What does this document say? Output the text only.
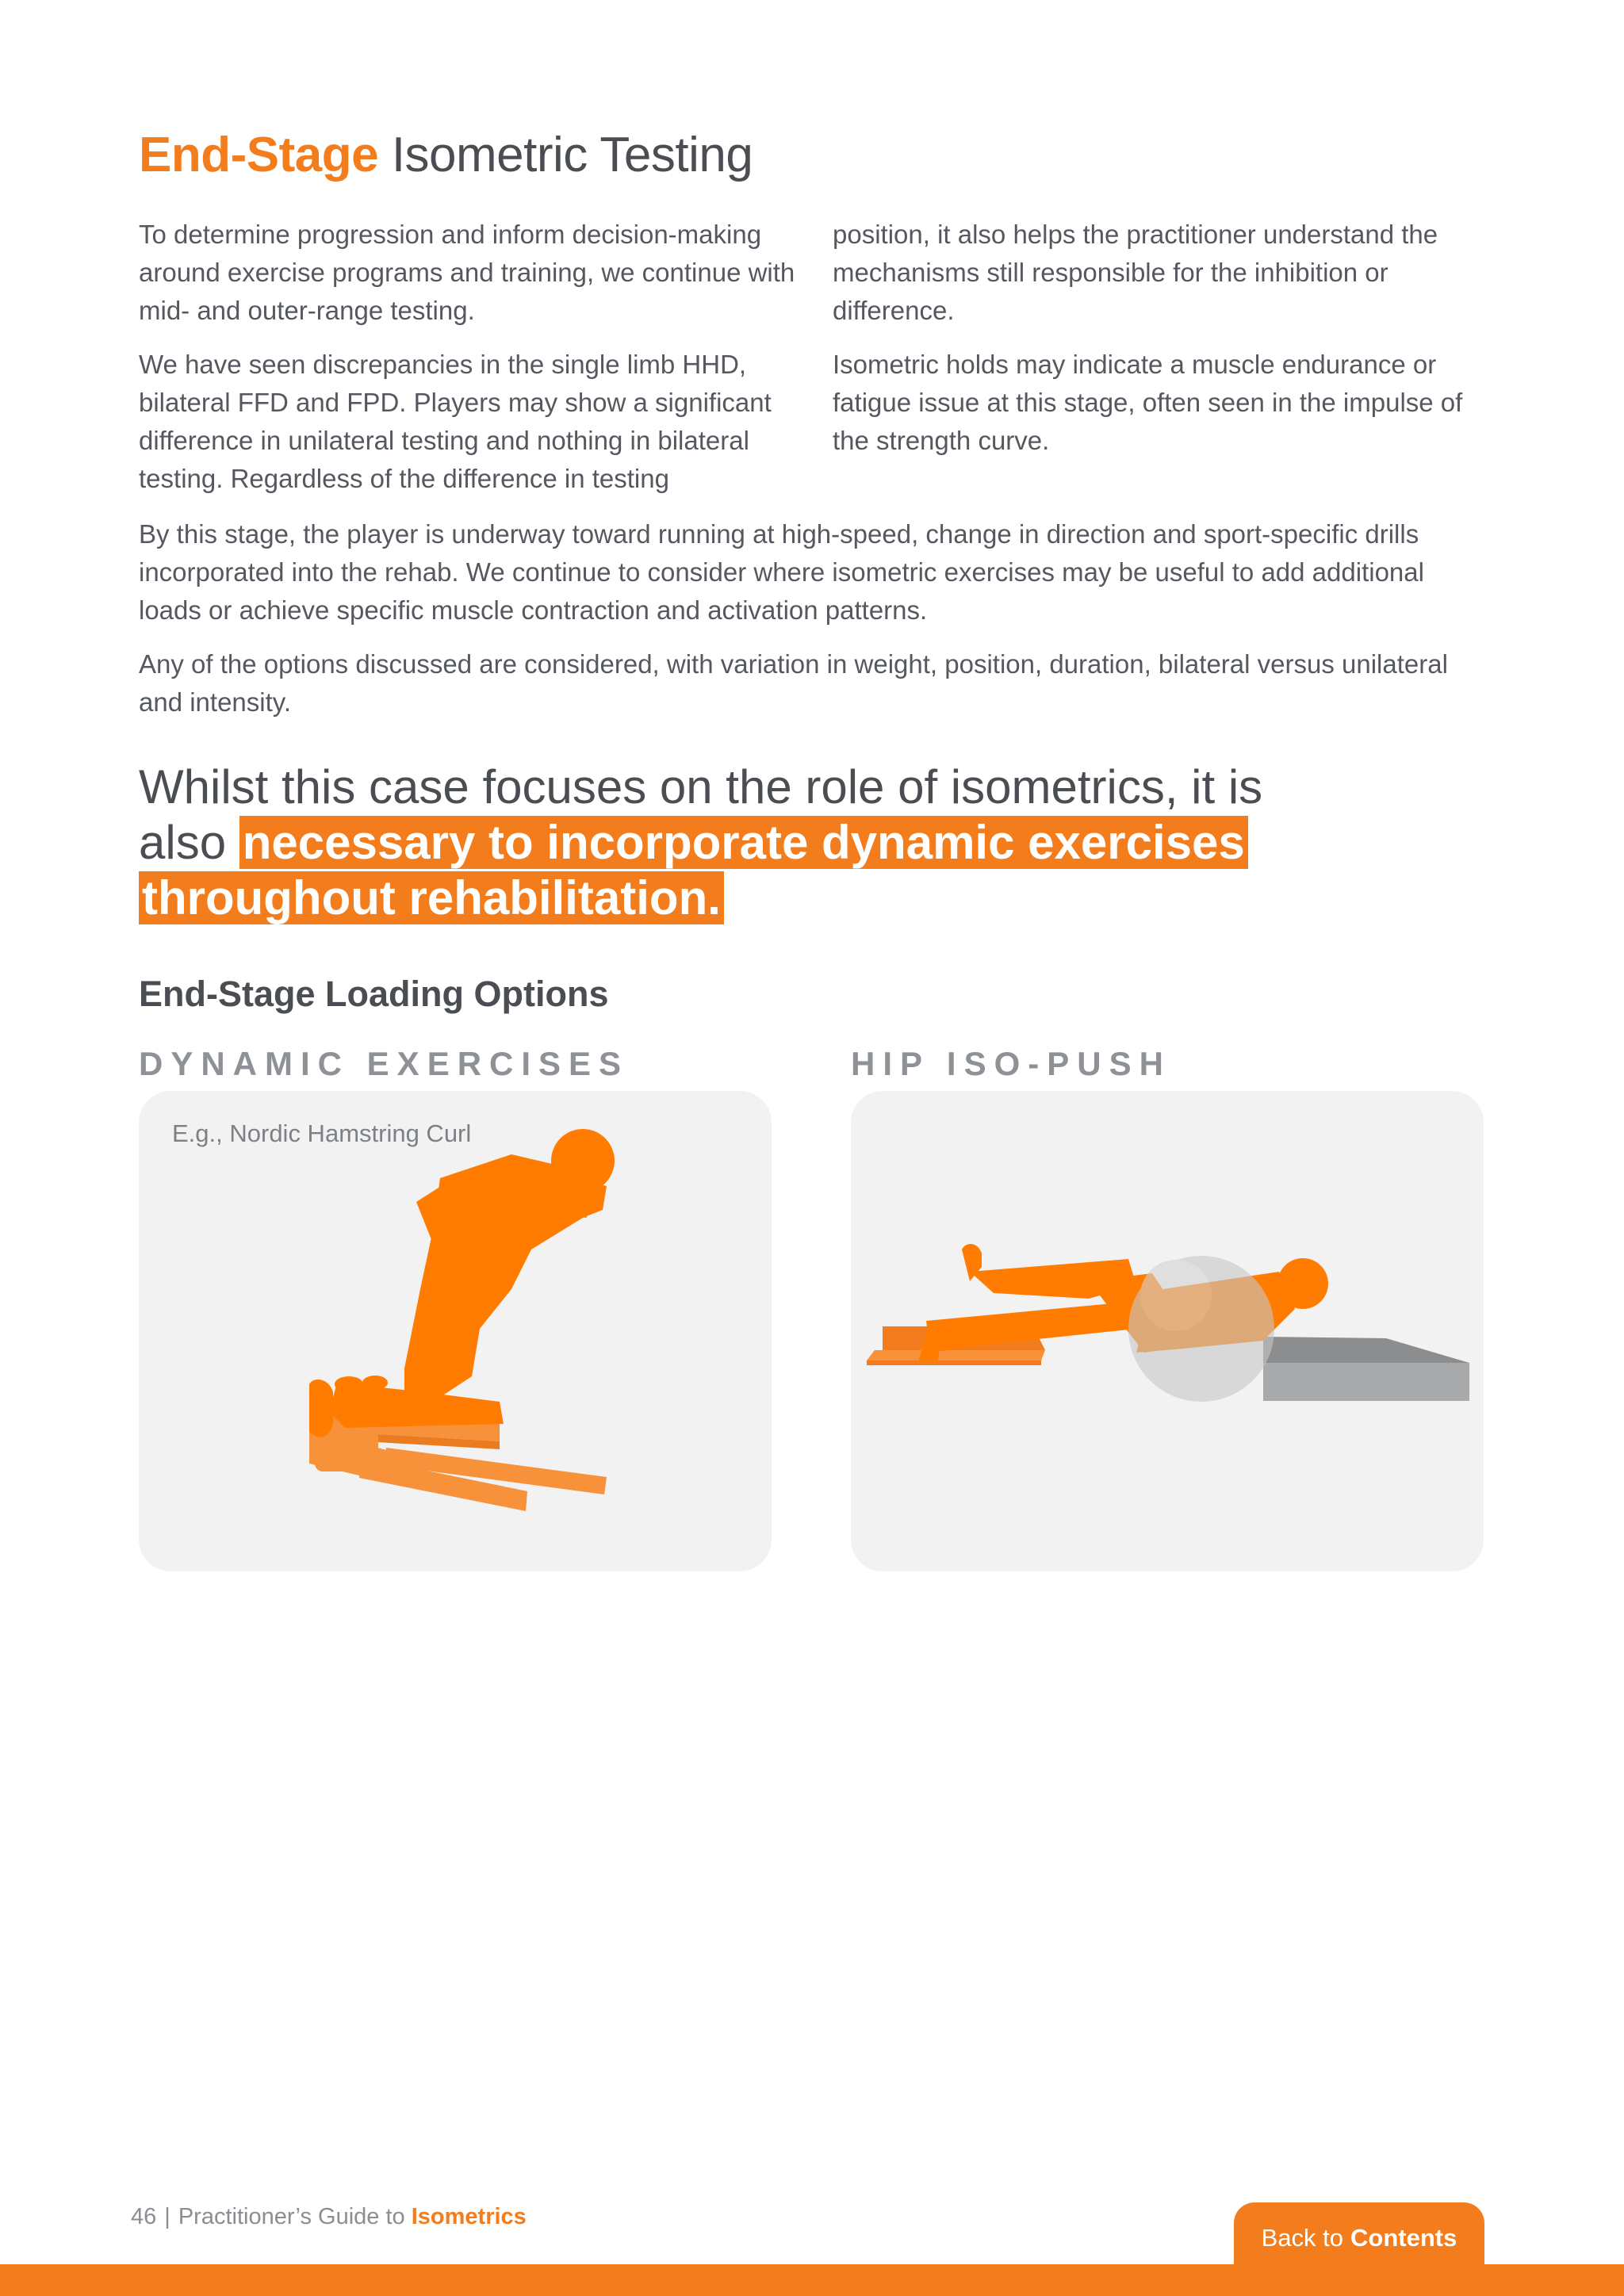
End-Stage Isometric Testing

To determine progression and inform decision-making around exercise programs and training, we continue with mid- and outer-range testing.

We have seen discrepancies in the single limb HHD, bilateral FFD and FPD. Players may show a significant difference in unilateral testing and nothing in bilateral testing. Regardless of the difference in testing

position, it also helps the practitioner understand the mechanisms still responsible for the inhibition or difference.

Isometric holds may indicate a muscle endurance or fatigue issue at this stage, often seen in the impulse of the strength curve.

By this stage, the player is underway toward running at high-speed, change in direction and sport-specific drills incorporated into the rehab. We continue to consider where isometric exercises may be useful to add additional loads or achieve specific muscle contraction and activation patterns.

Any of the options discussed are considered, with variation in weight, position, duration, bilateral versus unilateral and intensity.

Whilst this case focuses on the role of isometrics, it is also necessary to incorporate dynamic exercises throughout rehabilitation.
End-Stage Loading Options
DYNAMIC EXERCISES	HIP ISO-PUSH
E.g., Nordic Hamstring Curl
46 | Practitioner’s Guide to Isometrics
Back to Contents
